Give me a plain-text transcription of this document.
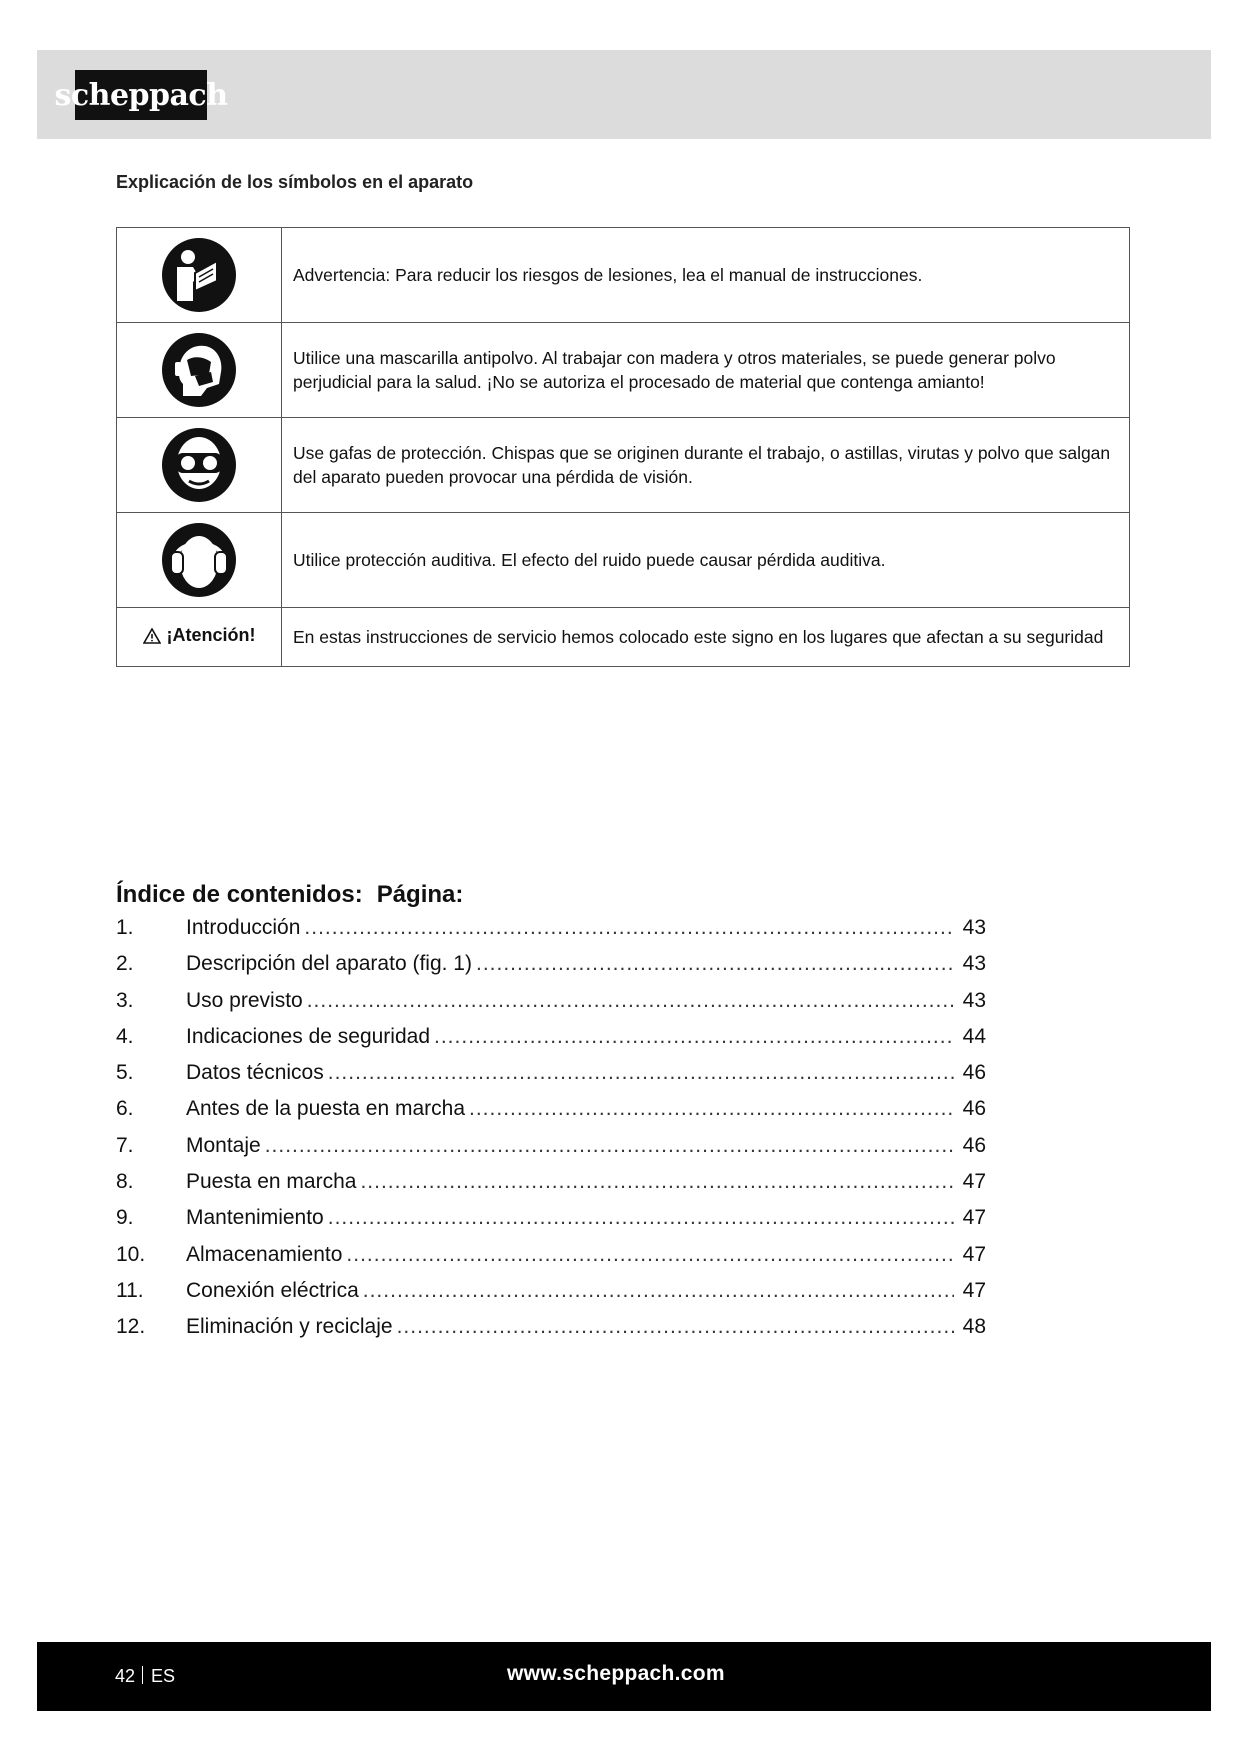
scheppach
Explicación de los símbolos en el aparato
	Advertencia: Para reducir los riesgos de lesiones, lea el manual de instrucciones.

	Utilice una mascarilla antipolvo. Al trabajar con madera y otros materiales, se puede generar polvo perjudicial para la salud. ¡No se autoriza el procesado de material que contenga amianto!

	Use gafas de protección. Chispas que se originen durante el trabajo, o astillas, virutas y polvo que salgan del aparato pueden provocar una pérdida de visión.

	Utilice protección auditiva. El efecto del ruido puede causar pérdida auditiva.

¡Atención!	En estas instrucciones de servicio hemos colocado este signo en los lugares que afectan a su seguridad
Índice de contenidos: Página:
1.	Introducción .....	43
2.	Descripción del aparato (fig. 1) .....	43
3.	Uso previsto .....	43
4.	Indicaciones de seguridad .....	44
5.	Datos técnicos .....	46
6.	Antes de la puesta en marcha .....	46
7.	Montaje .....	46
8.	Puesta en marcha .....	47
9.	Mantenimiento .....	47
10.	Almacenamiento .....	47
11.	Conexión eléctrica .....	47
12.	Eliminación y reciclaje .....	48
42 ES	www.scheppach.com
